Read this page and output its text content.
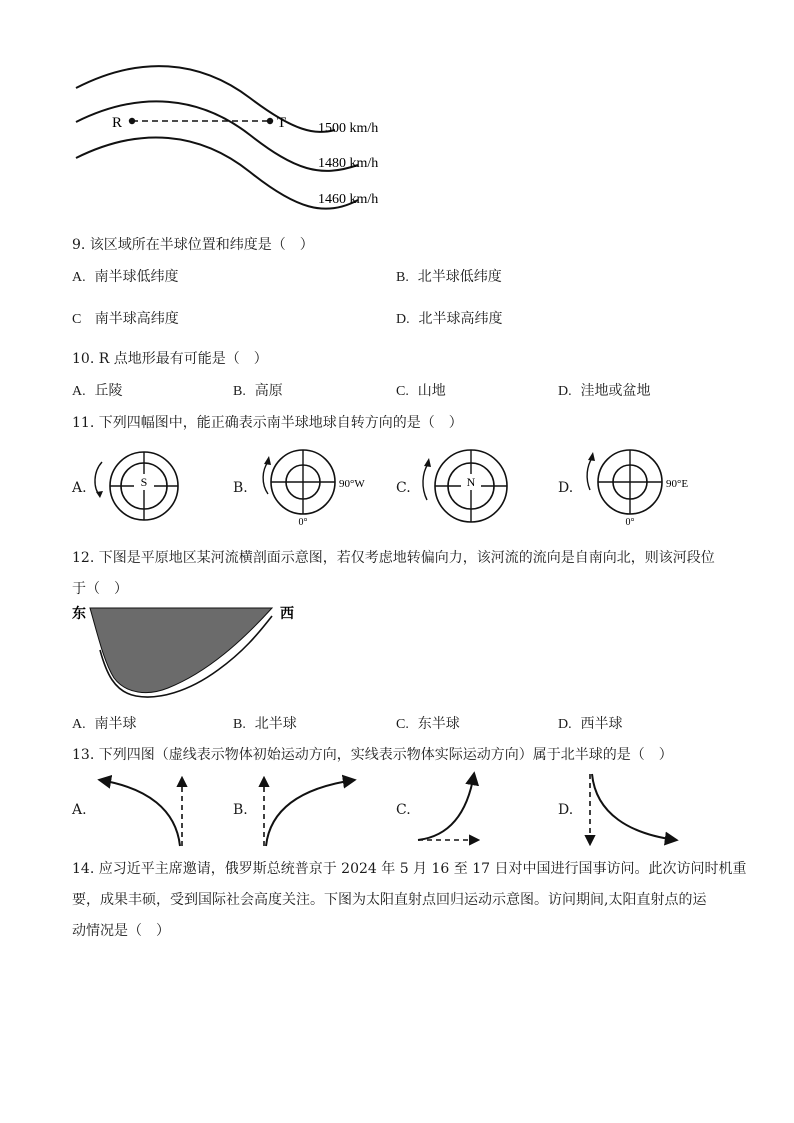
R	T 1500 km/h
1480 km/h
1460 km/h
9. 该区域所在半球位置和纬度是（　）
A. 南半球低纬度	B. 北半球低纬度
C 南半球高纬度	D. 北半球高纬度
10. R 点地形最有可能是（　）
A. 丘陵	B. 高原	C. 山地	D. 洼地或盆地
11. 下列四幅图中，能正确表示南半球地球自转方向的是（　）
A.	S	B.	90°W
0°
C.	N	D.	90°E
0°
12. 下图是平原地区某河流横剖面示意图，若仅考虑地转偏向力，该河流的流向是自南向北，则该河段位
于（　）
东	西
A. 南半球	B. 北半球	C. 东半球	D. 西半球
13. 下列四图（虚线表示物体初始运动方向，实线表示物体实际运动方向）属于北半球的是（　）
A.	B.	C.	D.
14. 应习近平主席邀请，俄罗斯总统普京于 2024 年 5 月 16 至 17 日对中国进行国事访问。此次访问时机重
要，成果丰硕，受到国际社会高度关注。下图为太阳直射点回归运动示意图。访问期间,太阳直射点的运
动情况是（　）
